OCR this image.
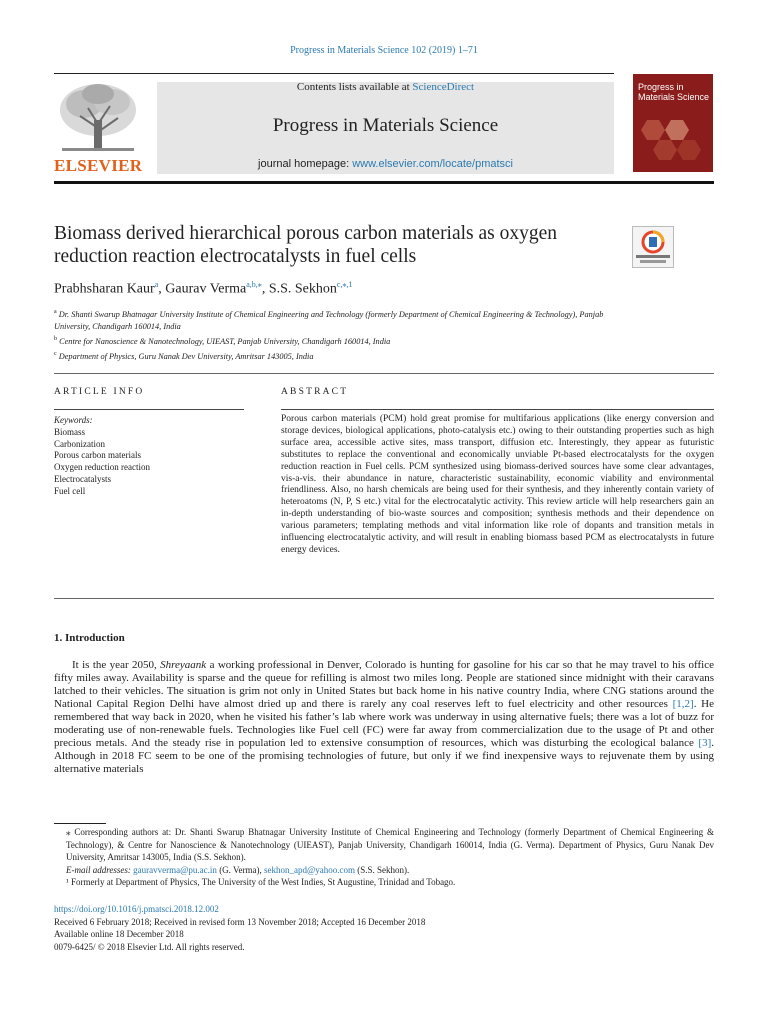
Progress in Materials Science 102 (2019) 1–71
Contents lists available at ScienceDirect
Progress in Materials Science
journal homepage: www.elsevier.com/locate/pmatsci
ELSEVIER
Progress in Materials Science
Biomass derived hierarchical porous carbon materials as oxygen reduction reaction electrocatalysts in fuel cells
Prabhsharan Kaur$^a$, Gaurav Verma$^{a,b,⁎}$, S.S. Sekhon$^{c,⁎,1}$

$^a$ Dr. Shanti Swarup Bhatnagar University Institute of Chemical Engineering and Technology (formerly Department of Chemical Engineering & Technology), Panjab University, Chandigarh 160014, India

$^b$ Centre for Nanoscience & Nanotechnology, UIEAST, Panjab University, Chandigarh 160014, India

$^c$ Department of Physics, Guru Nanak Dev University, Amritsar 143005, India

ARTICLE INFO
Keywords:
Biomass
Carbonization
Porous carbon materials
Oxygen reduction reaction
Electrocatalysts
Fuel cell
ABSTRACT
Porous carbon materials (PCM) hold great promise for multifarious applications (like energy conversion and storage devices, biological applications, photo-catalysis etc.) owing to their outstanding properties such as high surface area, accessible active sites, mass transport, diffusion etc. Interestingly, they appear as futuristic substitutes to replace the conventional and economically unviable Pt-based electrocatalysts for the oxygen reduction reaction in Fuel cells. PCM synthesized using biomass-derived sources have some clear advantages, vis-a-vis. their abundance in nature, characteristic sustainability, economic viability and environmental friendliness. Also, no harsh chemicals are being used for their synthesis, and they inherently contain variety of heteroatoms (N, P, S etc.) vital for the electrocatalytic activity. This review article will help researchers gain an in-depth understanding of bio-waste sources and composition; synthesis methods and their dependence on various parameters; templating methods and vital information like role of dopants and transition metals in influencing electrocatalytic activity, and will result in enabling biomass based PCM as electrocatalysts in future energy devices.
1. Introduction
It is the year 2050, Shreyaank a working professional in Denver, Colorado is hunting for gasoline for his car so that he may travel to his office fifty miles away. Availability is sparse and the queue for refilling is almost two miles long. People are stationed since midnight with their caravans latched to their vehicles. The situation is grim not only in United States but back home in his native country India, where CNG stations around the National Capital Region Delhi have almost dried up and there is rarely any coal reserves left to fuel electricity and other resources [1,2]. He remembered that way back in 2020, when he visited his father’s lab where work was underway in using alternative fuels; there was a lot of buzz for moderating use of non-renewable fuels. Technologies like Fuel cell (FC) were far away from commercialization due to the usage of Pt and other precious metals. And the steady rise in population led to extensive consumption of resources, which was disturbing the ecological balance [3]. Although in 2018 FC seem to be one of the promising technologies of future, but only if we find inexpensive ways to rejuvenate them by using alternative materials

⁎ Corresponding authors at: Dr. Shanti Swarup Bhatnagar University Institute of Chemical Engineering and Technology (formerly Department of Chemical Engineering & Technology), & Centre for Nanoscience & Nanotechnology (UIEAST), Panjab University, Chandigarh 160014, India (G. Verma). Department of Physics, Guru Nanak Dev University, Amritsar 143005, India (S.S. Sekhon).

E-mail addresses: gauravverma@pu.ac.in (G. Verma), sekhon_apd@yahoo.com (S.S. Sekhon).

¹ Formerly at Department of Physics, The University of the West Indies, St Augustine, Trinidad and Tobago.

https://doi.org/10.1016/j.pmatsci.2018.12.002

Received 6 February 2018; Received in revised form 13 November 2018; Accepted 16 December 2018

Available online 18 December 2018

0079-6425/ © 2018 Elsevier Ltd. All rights reserved.
